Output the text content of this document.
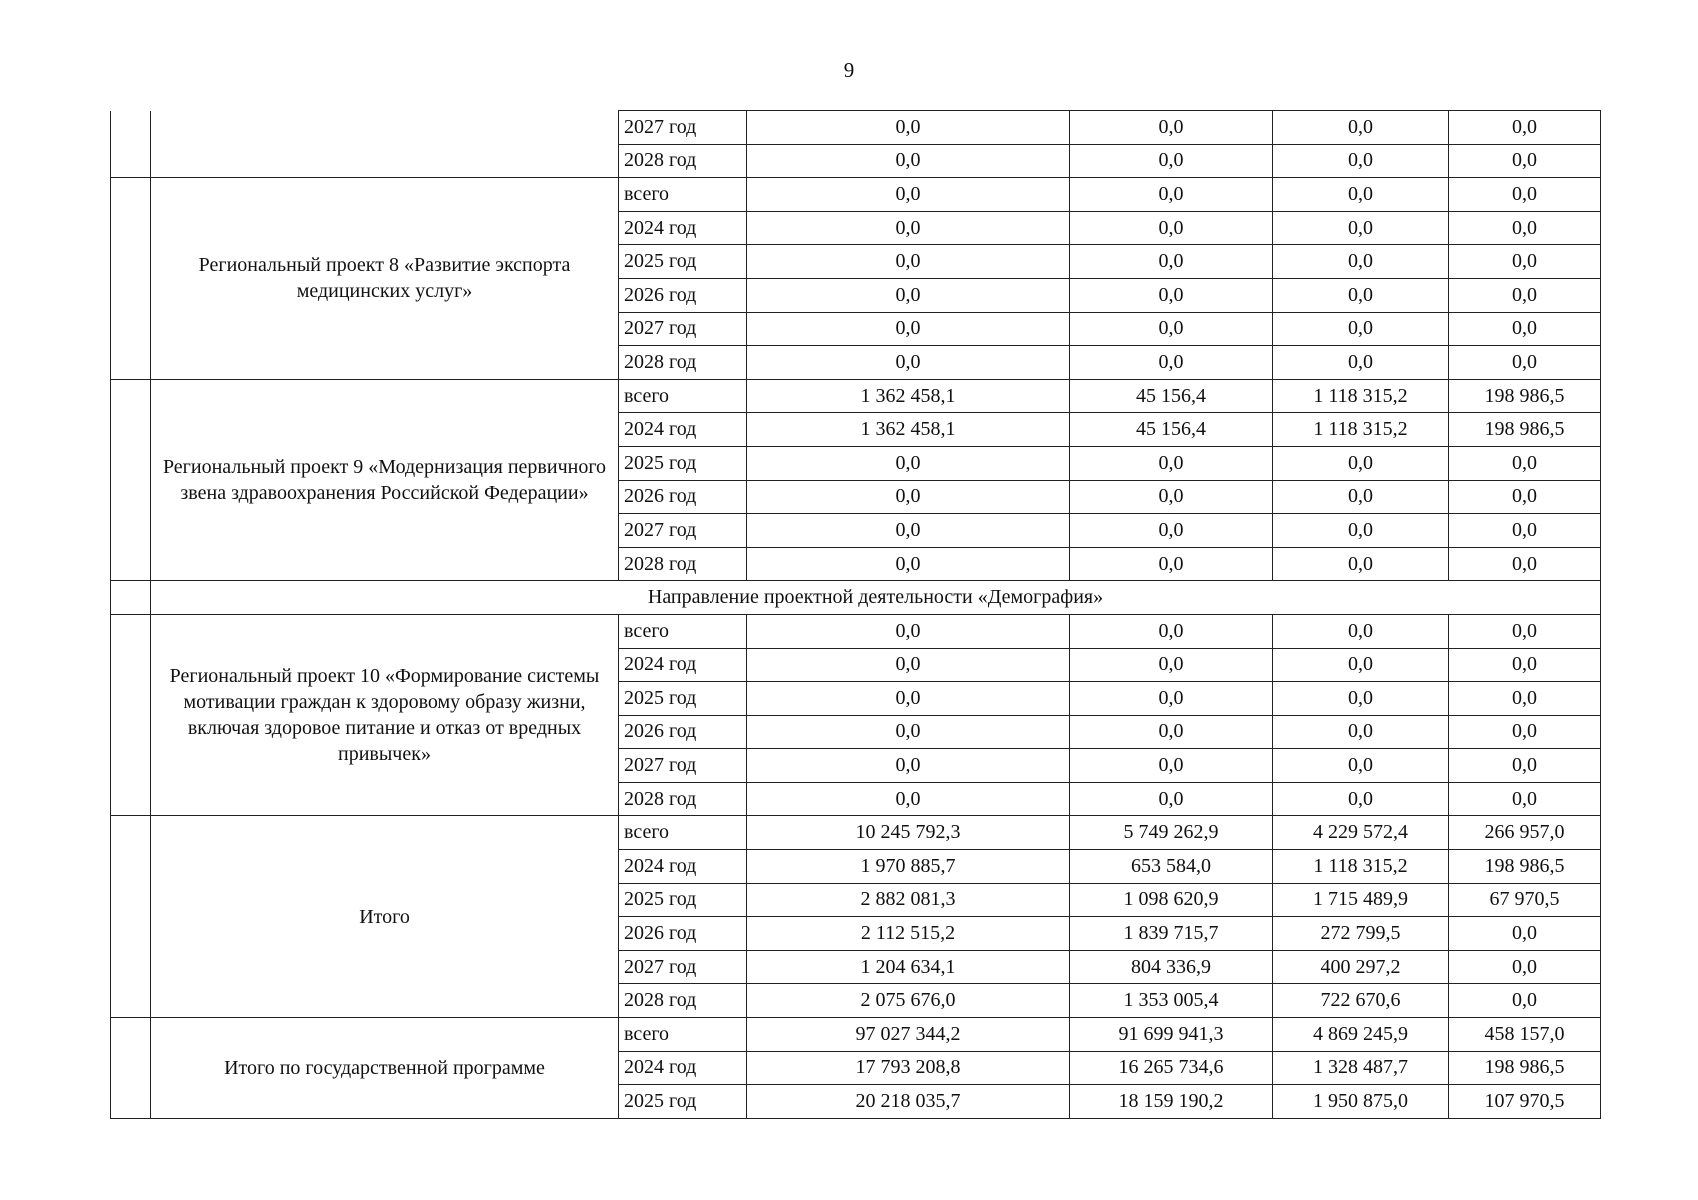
9
		2027 год	0,0	0,0	0,0	0,0
		2028 год	0,0	0,0	0,0	0,0
	Региональный проект 8 «Развитие экспорта медицинских услуг»	всего	0,0	0,0	0,0	0,0
		2024 год	0,0	0,0	0,0	0,0
		2025 год	0,0	0,0	0,0	0,0
		2026 год	0,0	0,0	0,0	0,0
		2027 год	0,0	0,0	0,0	0,0
		2028 год	0,0	0,0	0,0	0,0
	Региональный проект 9 «Модернизация первичного звена здравоохранения Российской Федерации»	всего	1 362 458,1	45 156,4	1 118 315,2	198 986,5
		2024 год	1 362 458,1	45 156,4	1 118 315,2	198 986,5
		2025 год	0,0	0,0	0,0	0,0
		2026 год	0,0	0,0	0,0	0,0
		2027 год	0,0	0,0	0,0	0,0
		2028 год	0,0	0,0	0,0	0,0
	Направление проектной деятельности «Демография»					
	Региональный проект 10 «Формирование системы мотивации граждан к здоровому образу жизни, включая здоровое питание и отказ от вредных привычек»	всего	0,0	0,0	0,0	0,0
		2024 год	0,0	0,0	0,0	0,0
		2025 год	0,0	0,0	0,0	0,0
		2026 год	0,0	0,0	0,0	0,0
		2027 год	0,0	0,0	0,0	0,0
		2028 год	0,0	0,0	0,0	0,0
	Итого	всего	10 245 792,3	5 749 262,9	4 229 572,4	266 957,0
		2024 год	1 970 885,7	653 584,0	1 118 315,2	198 986,5
		2025 год	2 882 081,3	1 098 620,9	1 715 489,9	67 970,5
		2026 год	2 112 515,2	1 839 715,7	272 799,5	0,0
		2027 год	1 204 634,1	804 336,9	400 297,2	0,0
		2028 год	2 075 676,0	1 353 005,4	722 670,6	0,0
	Итого по государственной программе	всего	97 027 344,2	91 699 941,3	4 869 245,9	458 157,0
		2024 год	17 793 208,8	16 265 734,6	1 328 487,7	198 986,5
		2025 год	20 218 035,7	18 159 190,2	1 950 875,0	107 970,5
